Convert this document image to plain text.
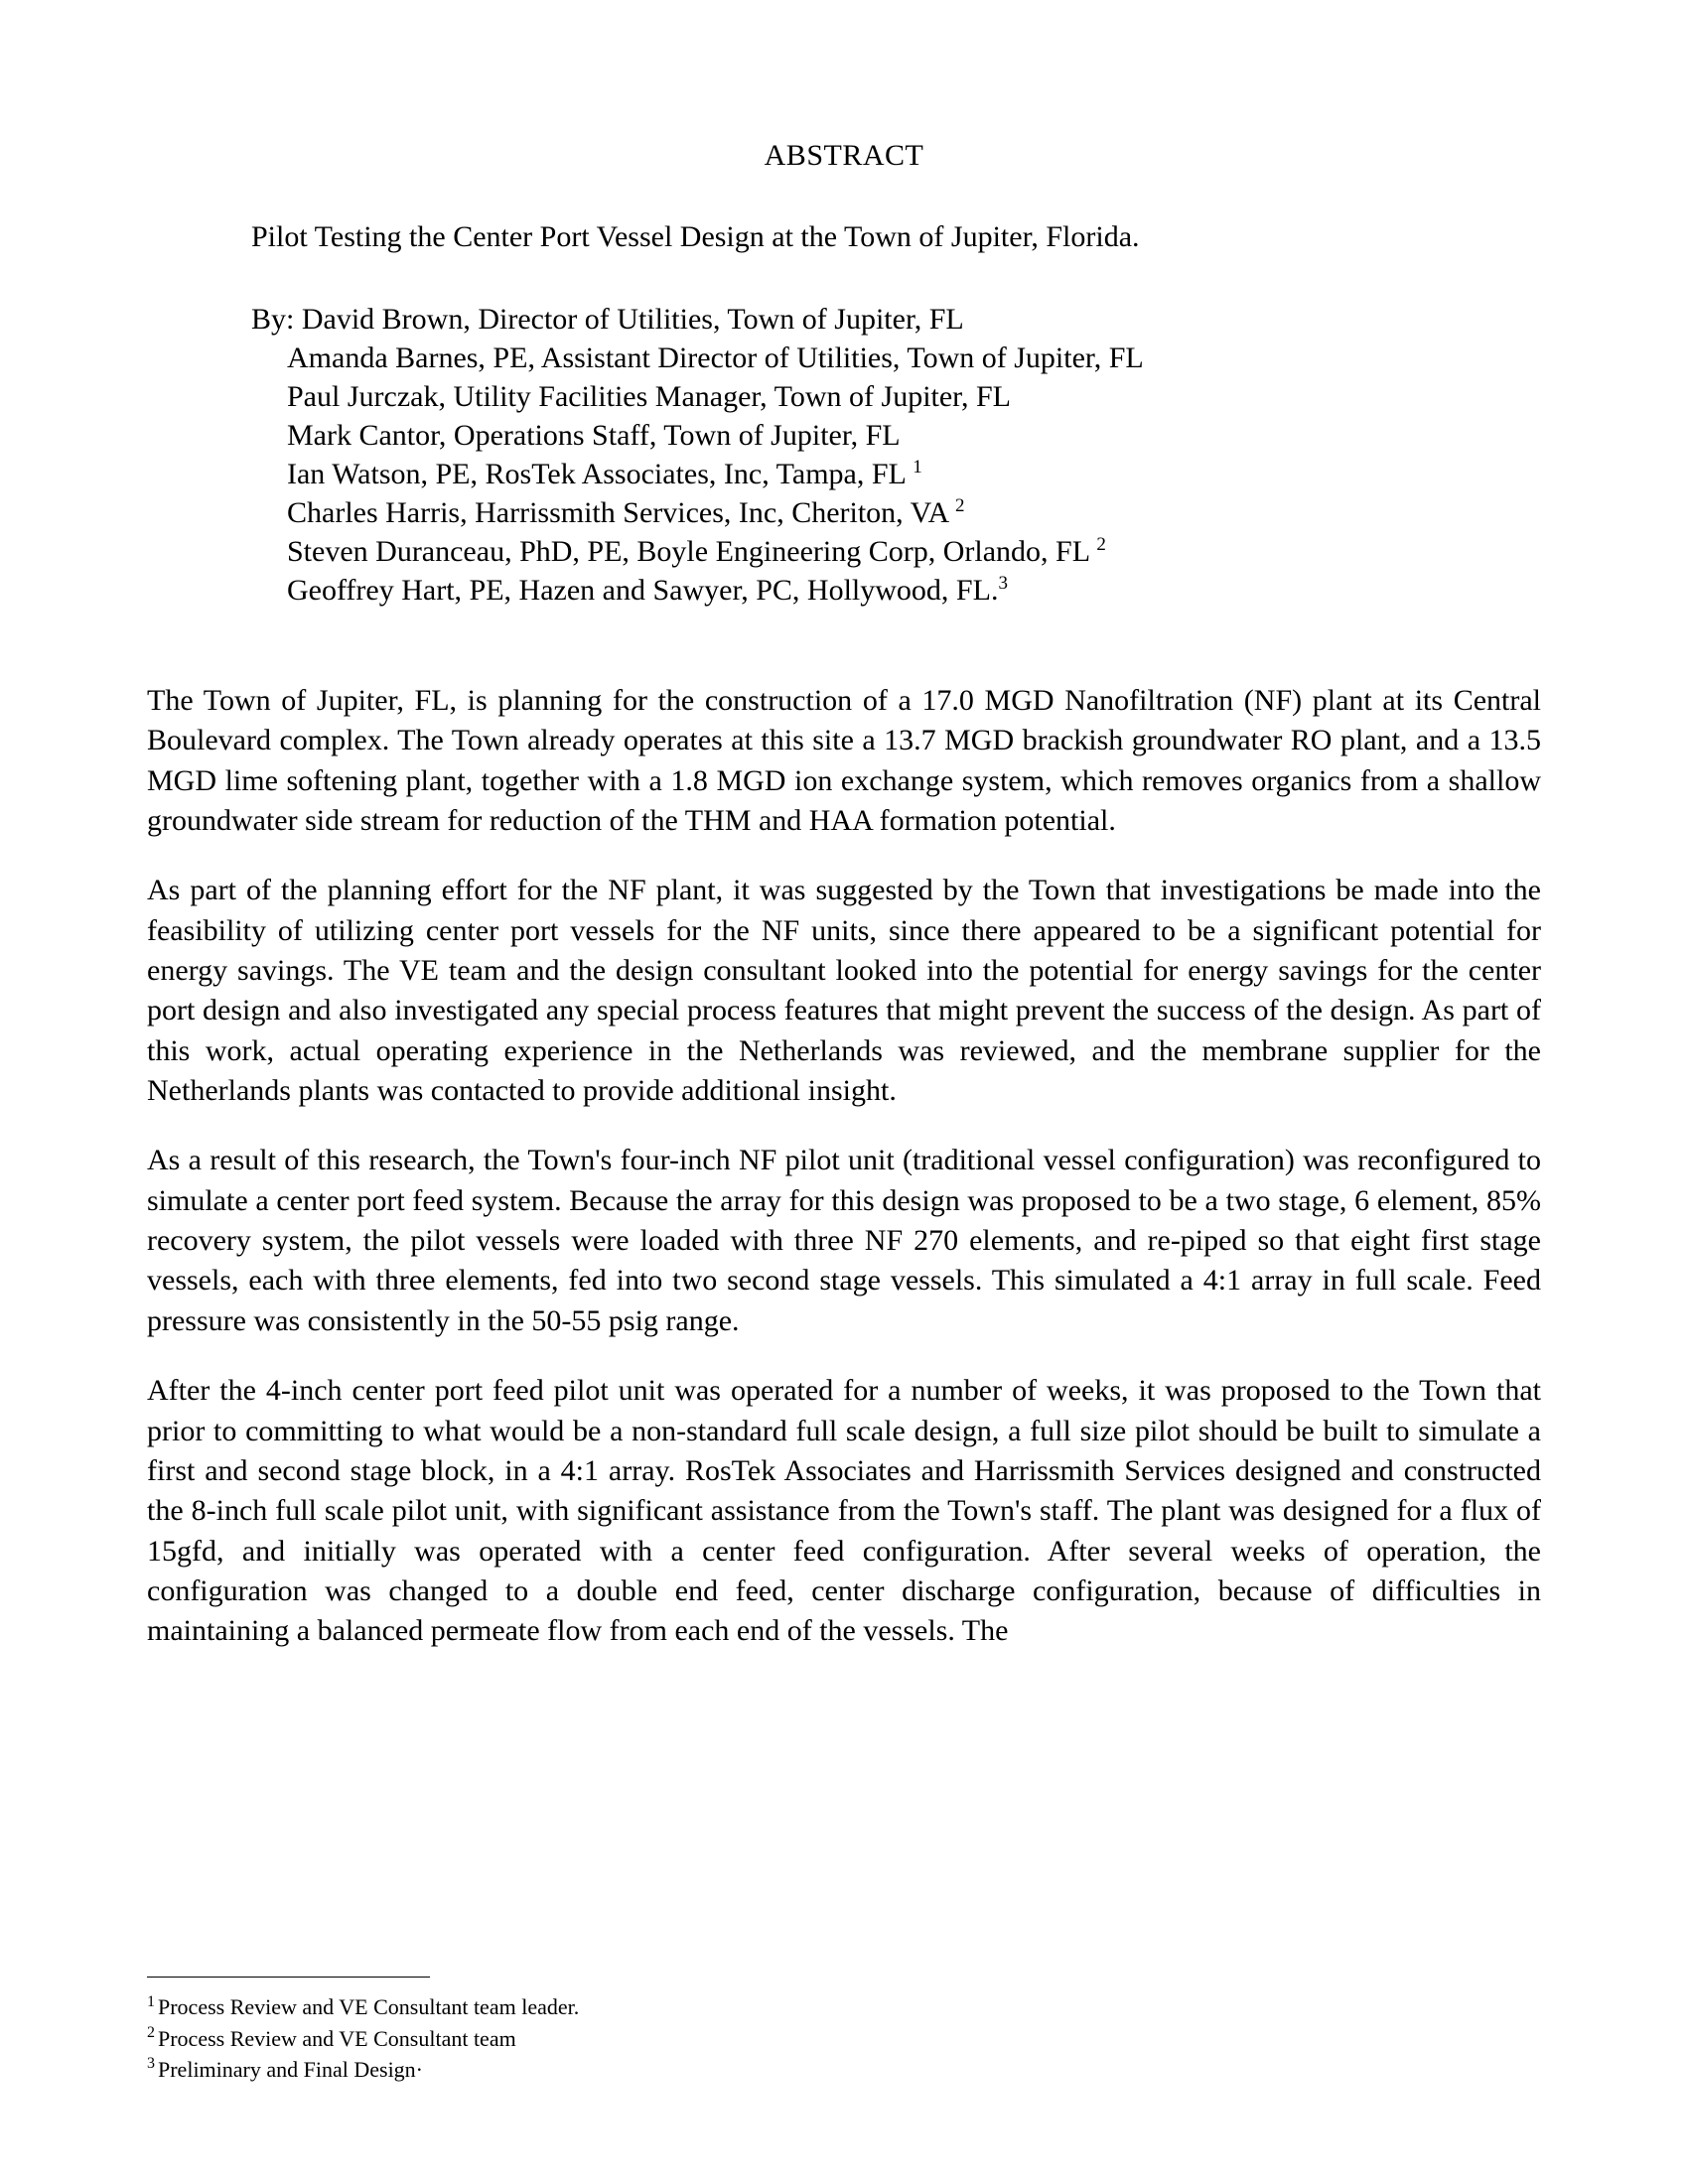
ABSTRACT
Pilot Testing the Center Port Vessel Design at the Town of Jupiter, Florida.
By: David Brown, Director of Utilities, Town of Jupiter, FL
Amanda Barnes, PE, Assistant Director of Utilities, Town of Jupiter, FL
Paul Jurczak, Utility Facilities Manager, Town of Jupiter, FL
Mark Cantor, Operations Staff, Town of Jupiter, FL
Ian Watson, PE, RosTek Associates, Inc, Tampa, FL $^1$
Charles Harris, Harrissmith Services, Inc, Cheriton, VA $^2$
Steven Duranceau, PhD, PE, Boyle Engineering Corp, Orlando, FL $^2$
Geoffrey Hart, PE, Hazen and Sawyer, PC, Hollywood, FL.$^3$

The Town of Jupiter, FL, is planning for the construction of a 17.0 MGD Nanofiltration (NF) plant at its Central Boulevard complex. The Town already operates at this site a 13.7 MGD brackish groundwater RO plant, and a 13.5 MGD lime softening plant, together with a 1.8 MGD ion exchange system, which removes organics from a shallow groundwater side stream for reduction of the THM and HAA formation potential.

As part of the planning effort for the NF plant, it was suggested by the Town that investigations be made into the feasibility of utilizing center port vessels for the NF units, since there appeared to be a significant potential for energy savings. The VE team and the design consultant looked into the potential for energy savings for the center port design and also investigated any special process features that might prevent the success of the design. As part of this work, actual operating experience in the Netherlands was reviewed, and the membrane supplier for the Netherlands plants was contacted to provide additional insight.

As a result of this research, the Town's four-inch NF pilot unit (traditional vessel configuration) was reconfigured to simulate a center port feed system. Because the array for this design was proposed to be a two stage, 6 element, 85% recovery system, the pilot vessels were loaded with three NF 270 elements, and re-piped so that eight first stage vessels, each with three elements, fed into two second stage vessels. This simulated a 4:1 array in full scale. Feed pressure was consistently in the 50-55 psig range.

After the 4-inch center port feed pilot unit was operated for a number of weeks, it was proposed to the Town that prior to committing to what would be a non-standard full scale design, a full size pilot should be built to simulate a first and second stage block, in a 4:1 array. RosTek Associates and Harrissmith Services designed and constructed the 8-inch full scale pilot unit, with significant assistance from the Town's staff. The plant was designed for a flux of 15gfd, and initially was operated with a center feed configuration. After several weeks of operation, the configuration was changed to a double end feed, center discharge configuration, because of difficulties in maintaining a balanced permeate flow from each end of the vessels. The

$^1$ Process Review and VE Consultant team leader.

$^2$ Process Review and VE Consultant team

$^3$ Preliminary and Final Design·
